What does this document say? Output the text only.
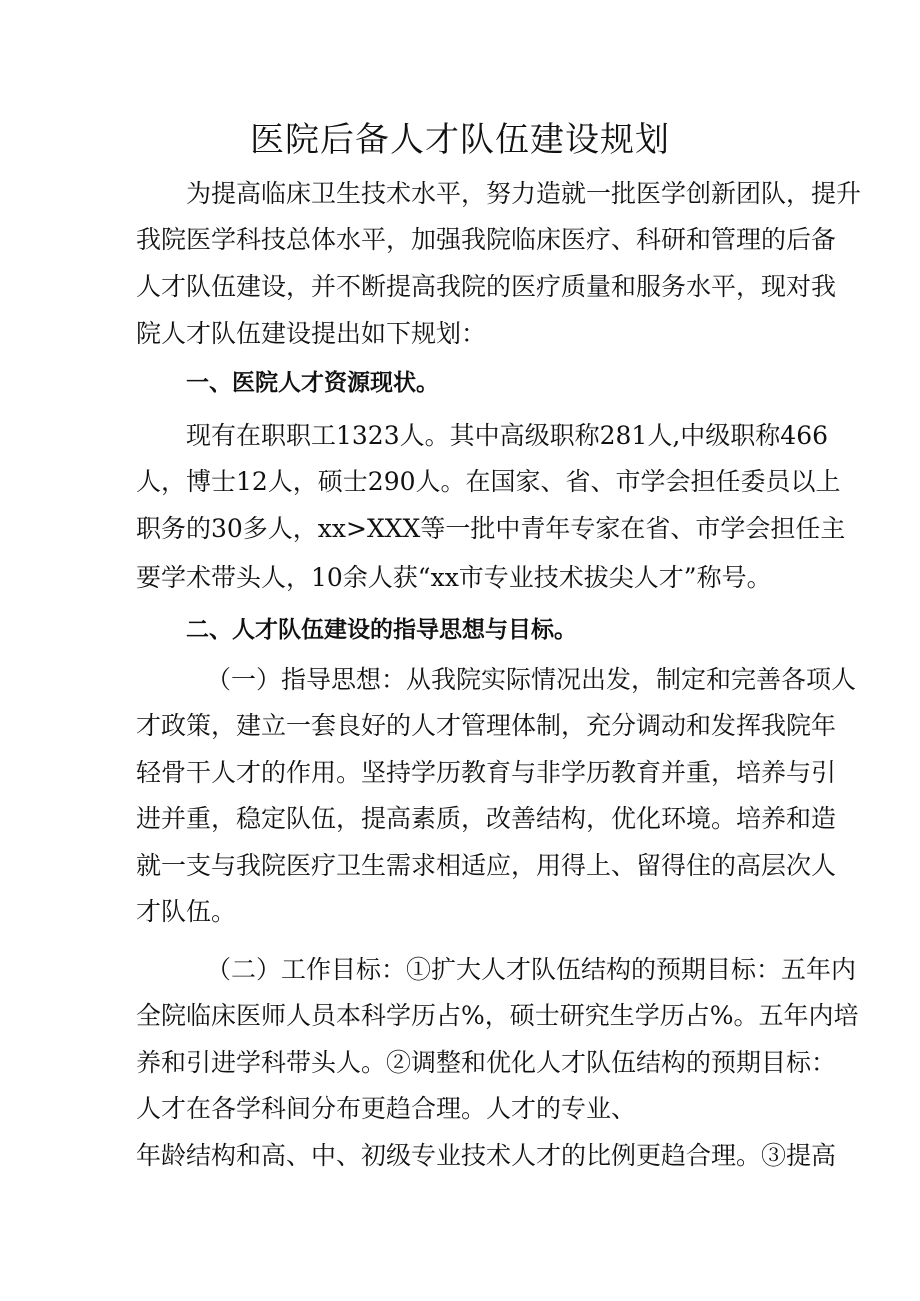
医院后备人才队伍建设规划
为提高临床卫生技术水平，努力造就一批医学创新团队，提升
我院医学科技总体水平，加强我院临床医疗、科研和管理的后备
人才队伍建设，并不断提高我院的医疗质量和服务水平，现对我
院人才队伍建设提出如下规划：
一、医院人才资源现状。
现有在职职工1323人。其中高级职称281人,中级职称466
人，博士12人，硕士290人。在国家、省、市学会担任委员以上
职务的30多人，xx>XXX等一批中青年专家在省、市学会担任主
要学术带头人，10余人获“xx市专业技术拔尖人才”称号。
二、人才队伍建设的指导思想与目标。
（一）指导思想：从我院实际情况出发，制定和完善各项人
才政策，建立一套良好的人才管理体制，充分调动和发挥我院年
轻骨干人才的作用。坚持学历教育与非学历教育并重，培养与引
进并重，稳定队伍，提高素质，改善结构，优化环境。培养和造
就一支与我院医疗卫生需求相适应，用得上、留得住的高层次人
才队伍。
（二）工作目标：①扩大人才队伍结构的预期目标：五年内
全院临床医师人员本科学历占%，硕士研究生学历占%。五年内培
养和引进学科带头人。②调整和优化人才队伍结构的预期目标：
人才在各学科间分布更趋合理。人才的专业、
年龄结构和高、中、初级专业技术人才的比例更趋合理。③提高
